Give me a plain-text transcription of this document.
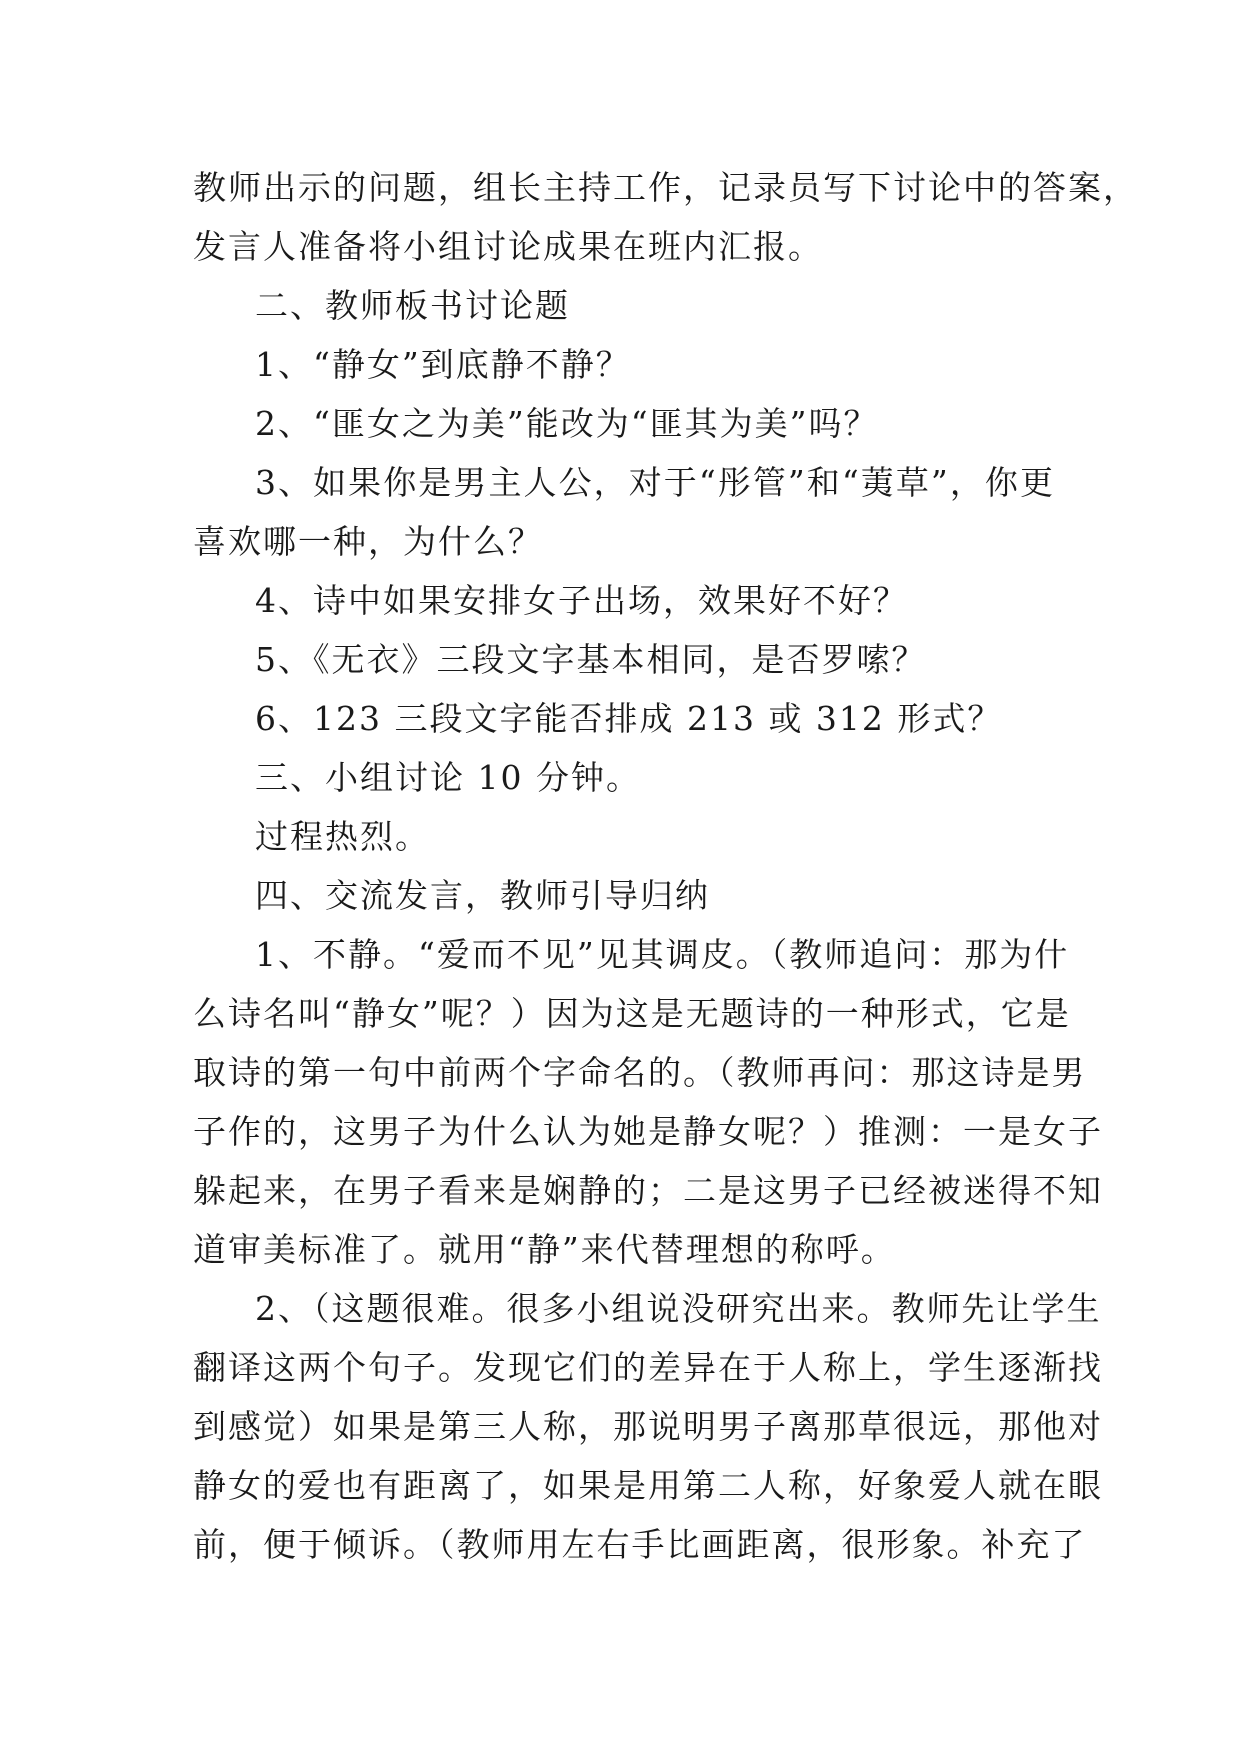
教师出示的问题，组长主持工作，记录员写下讨论中的答案，
发言人准备将小组讨论成果在班内汇报。
二、教师板书讨论题
1、“静女”到底静不静？
2、“匪女之为美”能改为“匪其为美”吗？
3、如果你是男主人公，对于“彤管”和“荑草”，你更
喜欢哪一种，为什么？
4、诗中如果安排女子出场，效果好不好？
5、《无衣》三段文字基本相同，是否罗嗦？
6、123 三段文字能否排成 213 或 312 形式？
三、小组讨论 10 分钟。
过程热烈。
四、交流发言，教师引导归纳
1、不静。“爱而不见”见其调皮。（教师追问：那为什
么诗名叫“静女”呢？）因为这是无题诗的一种形式，它是
取诗的第一句中前两个字命名的。（教师再问：那这诗是男
子作的，这男子为什么认为她是静女呢？）推测：一是女子
躲起来，在男子看来是娴静的；二是这男子已经被迷得不知
道审美标准了。就用“静”来代替理想的称呼。
2、（这题很难。很多小组说没研究出来。教师先让学生
翻译这两个句子。发现它们的差异在于人称上，学生逐渐找
到感觉）如果是第三人称，那说明男子离那草很远，那他对
静女的爱也有距离了，如果是用第二人称，好象爱人就在眼
前，便于倾诉。（教师用左右手比画距离，很形象。补充了
